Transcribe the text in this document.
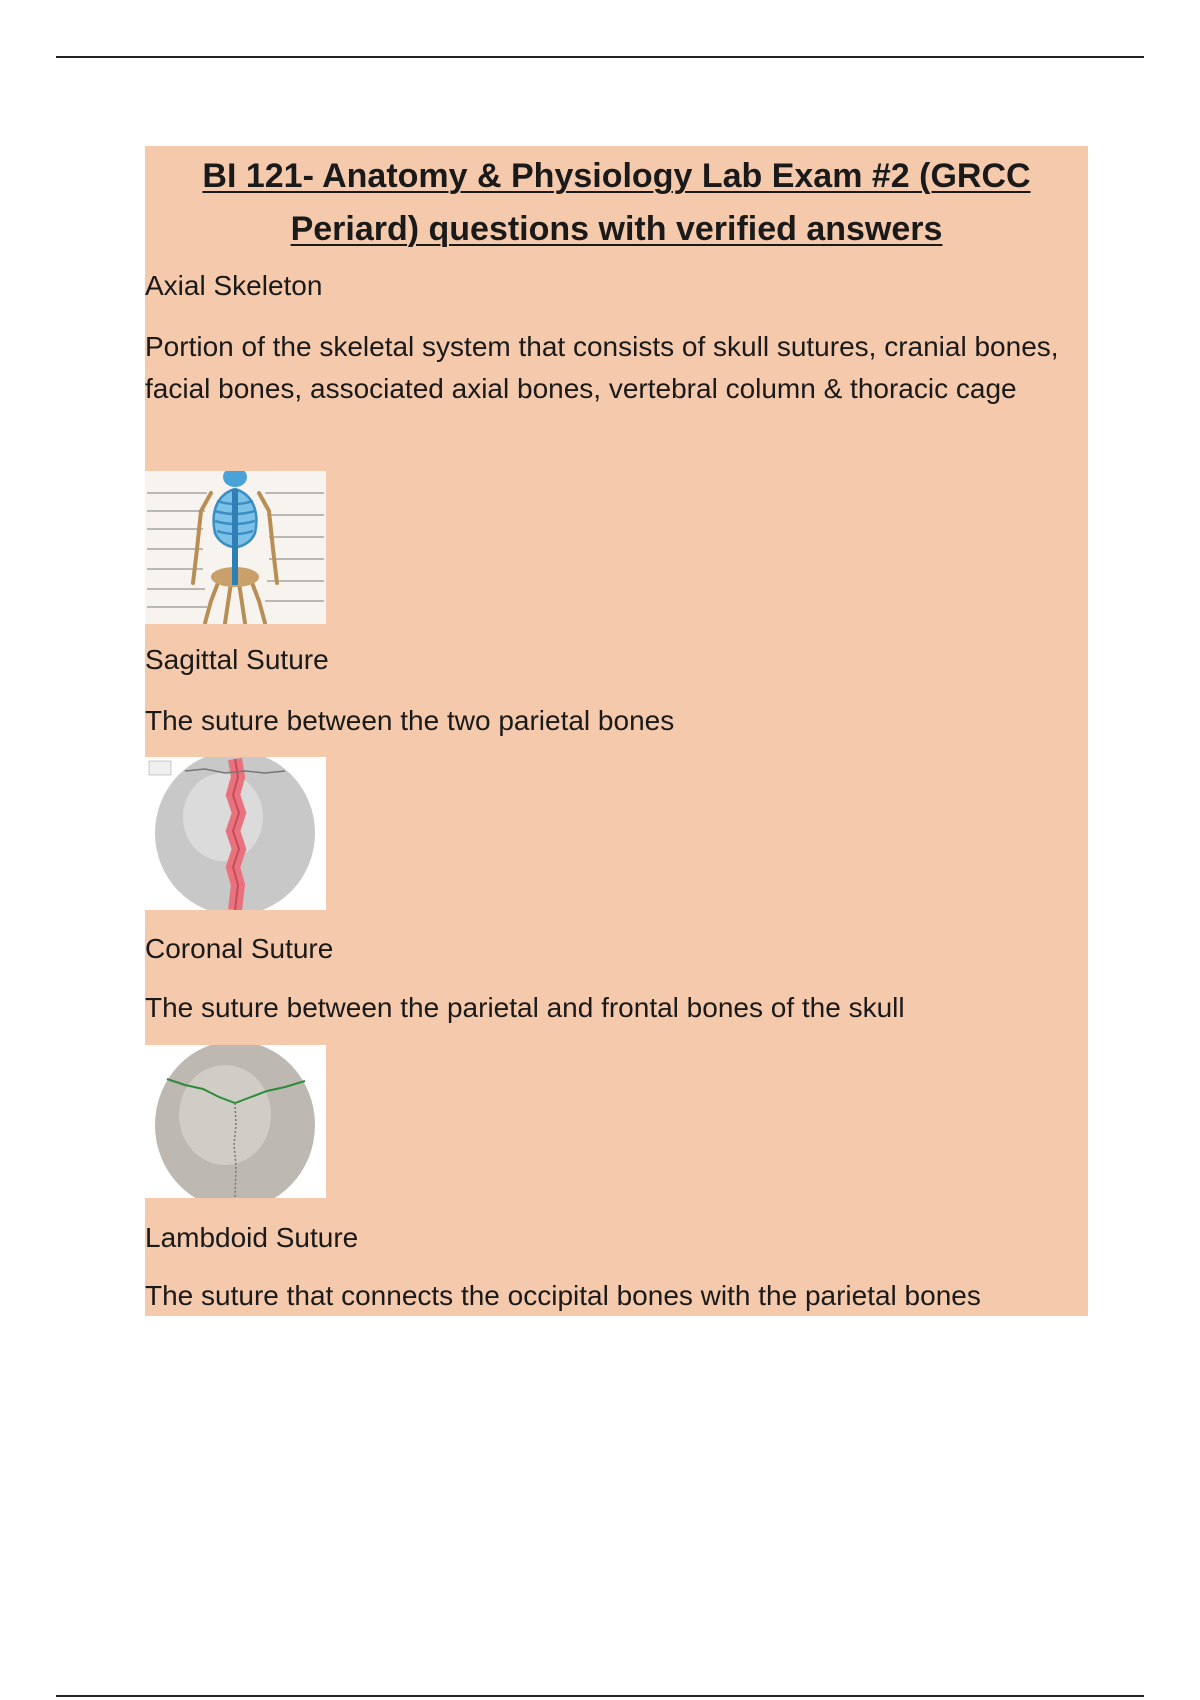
BI 121- Anatomy & Physiology Lab Exam #2 (GRCC Periard) questions with verified answers
Axial Skeleton
Portion of the skeletal system that consists of skull sutures, cranial bones, facial bones, associated axial bones, vertebral column & thoracic cage
Sagittal Suture
The suture between the two parietal bones
Coronal Suture
The suture between the parietal and frontal bones of the skull
Lambdoid Suture
The suture that connects the occipital bones with the parietal bones
